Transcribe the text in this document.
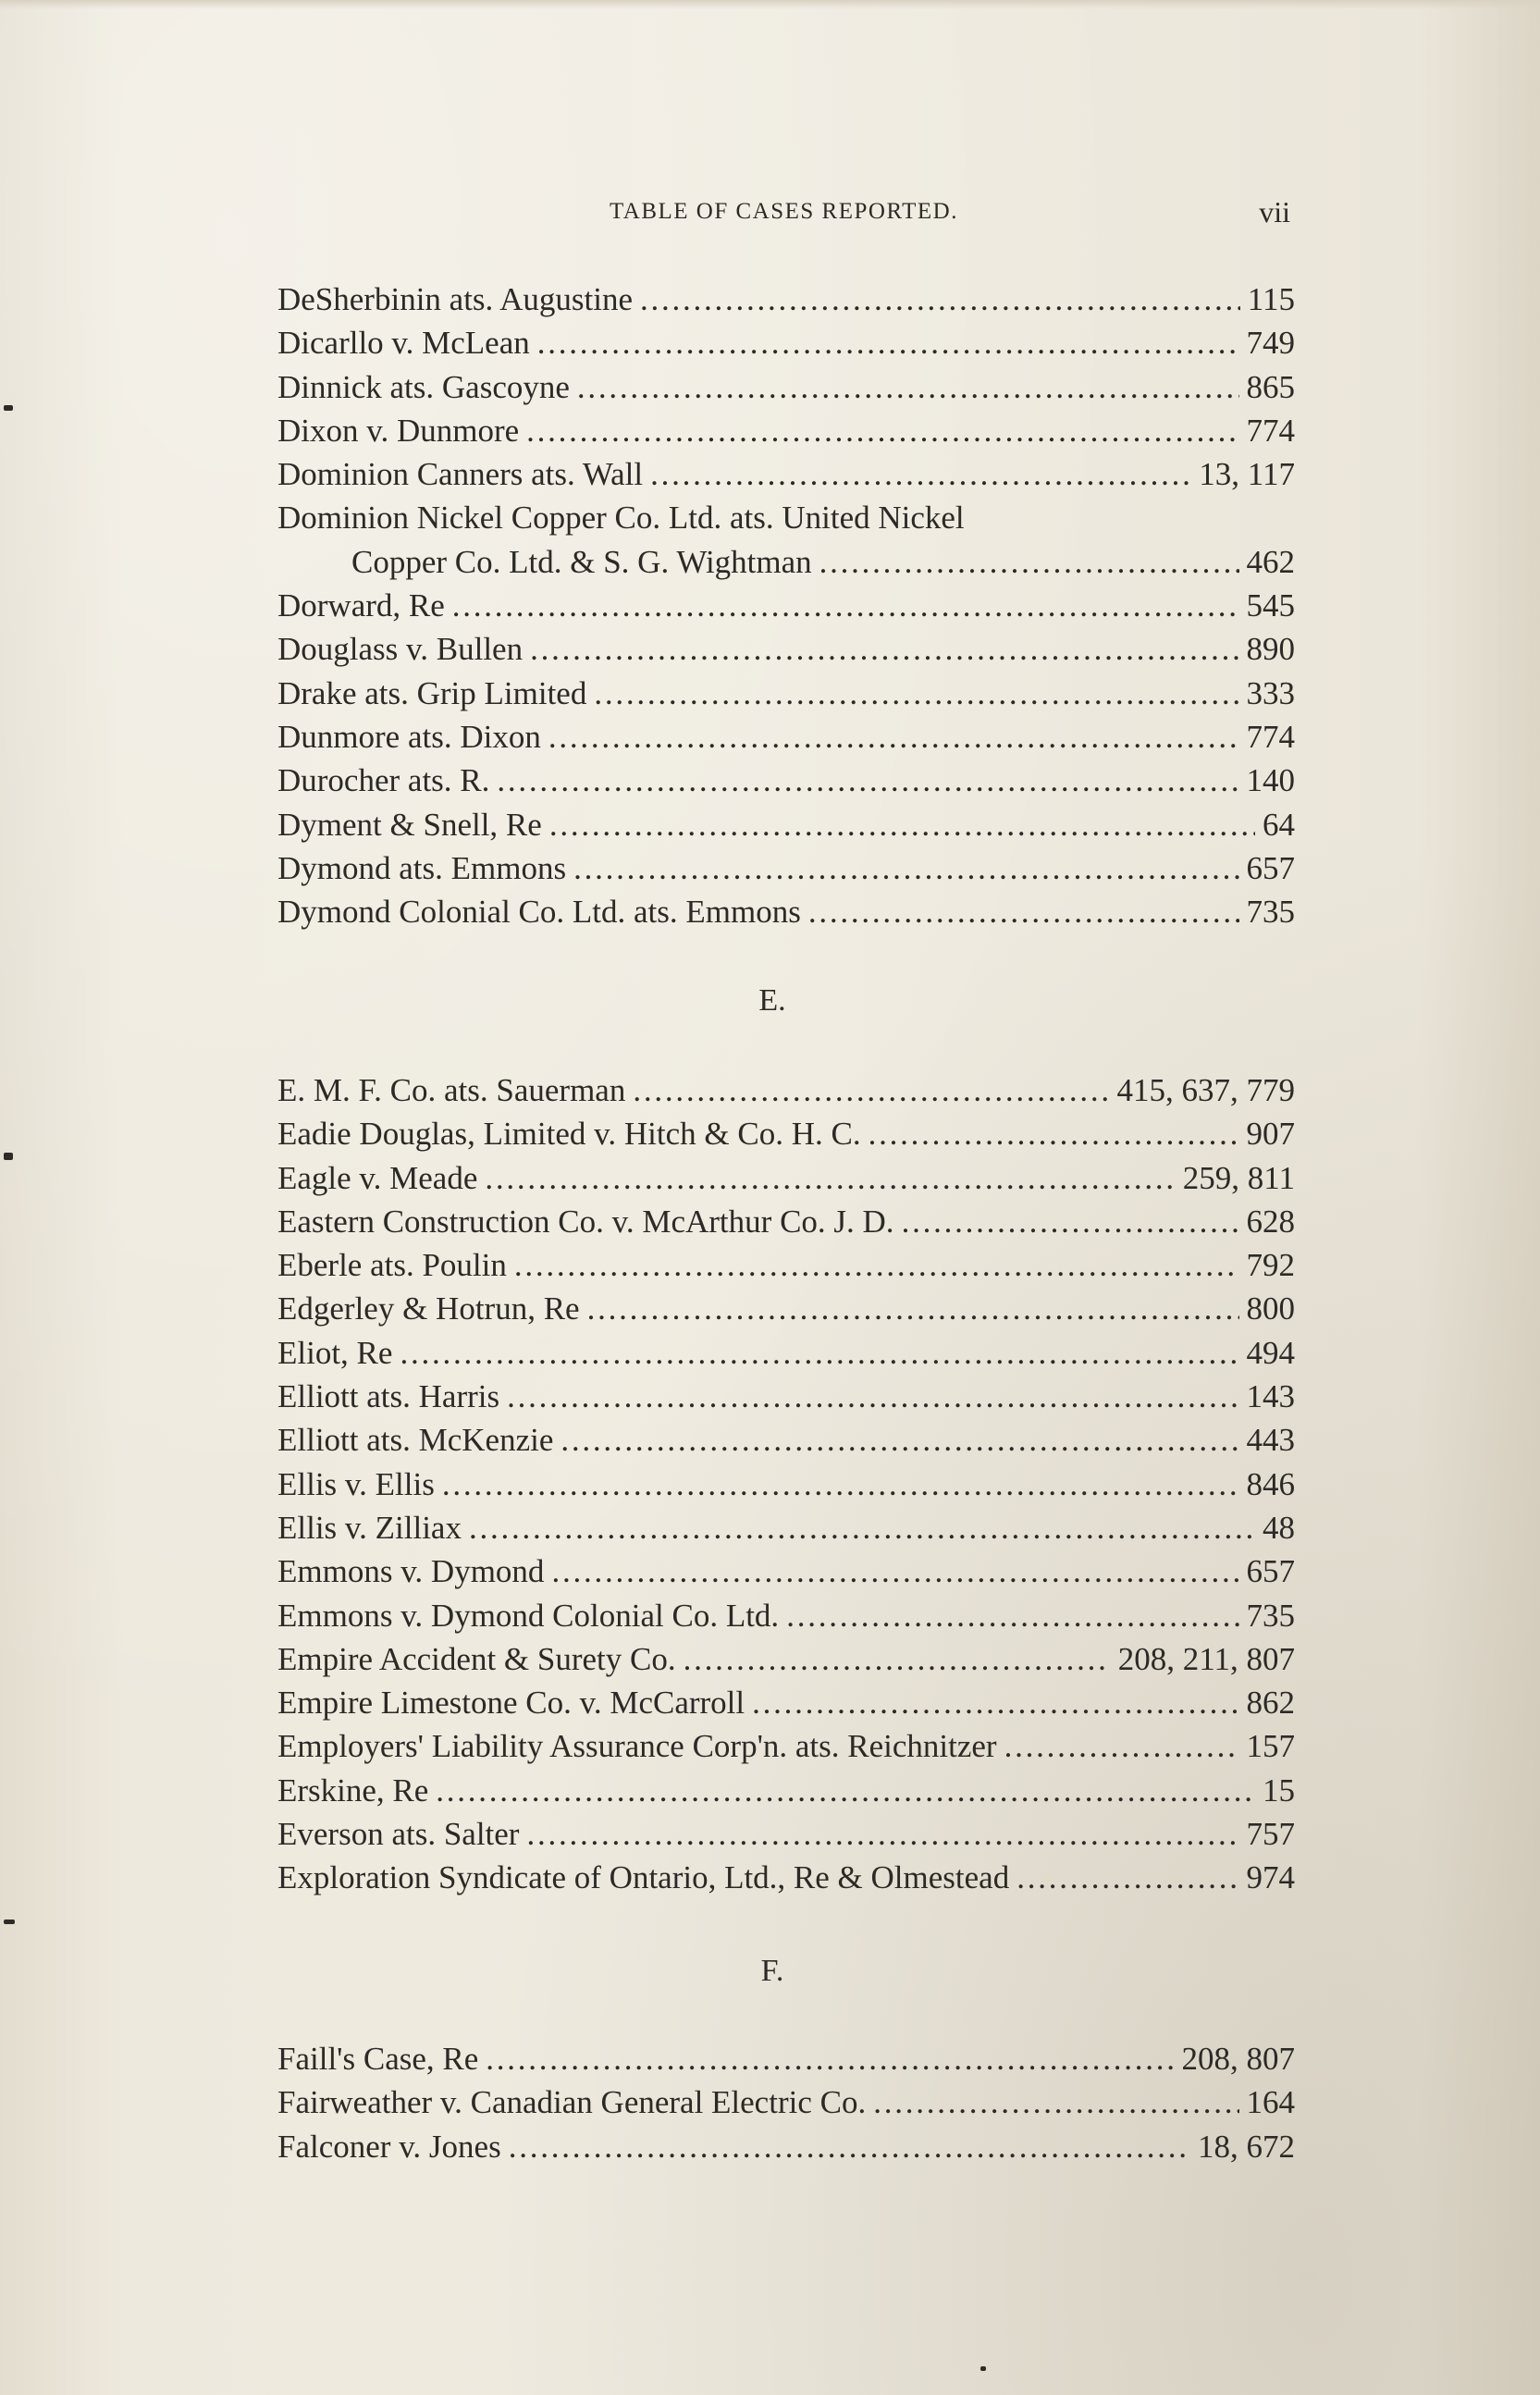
TABLE OF CASES REPORTED.	vii
DeSherbinin ats. Augustine . . .	115
Dicarllo v. McLean . . .	749
Dinnick ats. Gascoyne . . .	865
Dixon v. Dunmore . . .	774
Dominion Canners ats. Wall . . .	13, 117
Dominion Nickel Copper Co. Ltd. ats. United Nickel
Copper Co. Ltd. & S. G. Wightman . . .	462
Dorward, Re . . .	545
Douglass v. Bullen . . .	890
Drake ats. Grip Limited . . .	333
Dunmore ats. Dixon . . .	774
Durocher ats. R. . . .	140
Dyment & Snell, Re . . .	64
Dymond ats. Emmons . . .	657
Dymond Colonial Co. Ltd. ats. Emmons . . .	735

E.

E. M. F. Co. ats. Sauerman . . .	415, 637, 779
Eadie Douglas, Limited v. Hitch & Co. H. C. . . .	907
Eagle v. Meade . . .	259, 811
Eastern Construction Co. v. McArthur Co. J. D. . . .	628
Eberle ats. Poulin . . .	792
Edgerley & Hotrun, Re . . .	800
Eliot, Re . . .	494
Elliott ats. Harris . . .	143
Elliott ats. McKenzie . . .	443
Ellis v. Ellis . . .	846
Ellis v. Zilliax . . .	48
Emmons v. Dymond . . .	657
Emmons v. Dymond Colonial Co. Ltd. . . .	735
Empire Accident & Surety Co. . . .	208, 211, 807
Empire Limestone Co. v. McCarroll . . .	862
Employers' Liability Assurance Corp'n. ats. Reichnitzer . . .	157
Erskine, Re . . .	15
Everson ats. Salter . . .	757
Exploration Syndicate of Ontario, Ltd., Re & Olmestead . . .	974

F.

Faill's Case, Re . . .	208, 807
Fairweather v. Canadian General Electric Co. . . .	164
Falconer v. Jones . . .	18, 672
